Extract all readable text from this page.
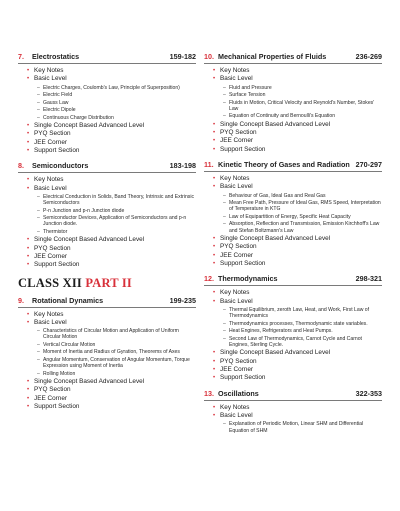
7.	Electrostatics	159-182
• Key Notes
• Basic Level
– Electric Charges, Coulomb's Law, Principle of Superposition)
– Electric Field
– Gauss Law
– Electric Dipole
– Continuous Charge Distribution
• Single Concept Based Advanced Level
• PYQ Section
• JEE Corner
• Support Section
8.	Semiconductors	183-198
• Key Notes
• Basic Level
– Electrical Conduction in Solids, Band Theory, Intrinsic and Extrinsic Semiconductors
– P-n Junction and p-n Junction diode
– Semiconductor Devices, Application of Semiconductors and p-n Junction diode.
– Thermistor
• Single Concept Based Advanced Level
• PYQ Section
• JEE Corner
• Support Section
CLASS XII PART II
9.	Rotational Dynamics	199-235
• Key Notes
• Basic Level
– Characteristics of Circular Motion and Application of Uniform Circular Motion
– Vertical Circular Motion
– Moment of Inertia and Radius of Gyration, Theorems of Axes
– Angular Momentum, Conservation of Angular Momentum, Torque Expression using Moment of Inertia
– Rolling Motion
• Single Concept Based Advanced Level
• PYQ Section
• JEE Corner
• Support Section
10. Mechanical Properties of Fluids	236-269
• Key Notes
• Basic Level
– Fluid and Pressure
– Surface Tension
– Fluids in Motion, Critical Velocity and Reynold's Number, Stokes' Law
– Equation of Continuity and Bernoulli's Equation
• Single Concept Based Advanced Level
• PYQ Section
• JEE Corner
• Support Section
11. Kinetic Theory of Gases and Radiation 270-297
• Key Notes
• Basic Level
– Behaviour of Gas, Ideal Gas and Real Gas
– Mean Free Path, Pressure of Ideal Gas, RMS Speed, Interpretation of Temperature in KTG
– Law of Equipartition of Energy, Specific Heat Capacity
– Absorption, Reflection and Transmission, Emission Kirchhoff's Law and Stefan Boltzmann's Law
• Single Concept Based Advanced Level
• PYQ Section
• JEE Corner
• Support Section
12. Thermodynamics	298-321
• Key Notes
• Basic Level
– Thermal Equilibrium, zeroth Law, Heat, and Work, First Law of Thermodynamics
– Thermodynamics processes, Thermodynamic state variables.
– Heat Engines, Refrigerators and Heat Pumps.
– Second Law of Thermodynamics, Carnot Cycle and Carnot Engines, Sterling Cycle.
• Single Concept Based Advanced Level
• PYQ Section
• JEE Corner
• Support Section
13. Oscillations	322-353
• Key Notes
• Basic Level
– Explanation of Periodic Motion, Linear SHM and Differential Equation of SHM
